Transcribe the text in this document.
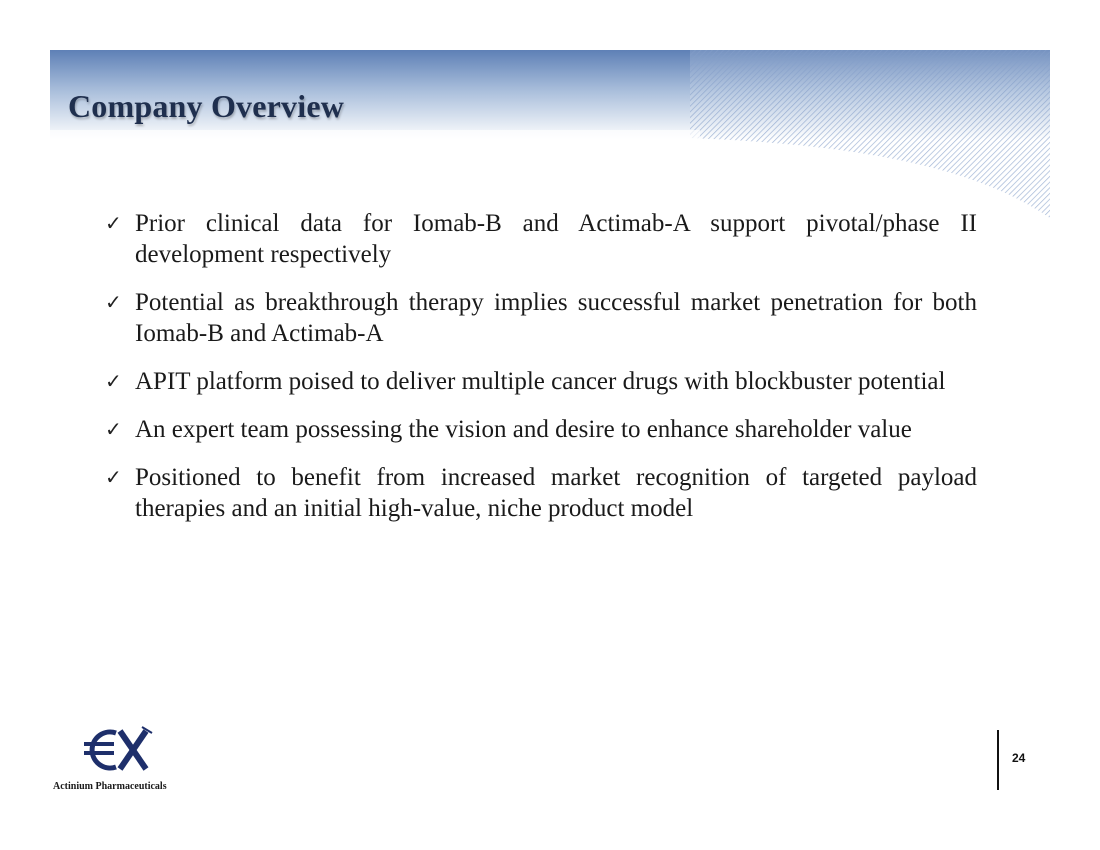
Company Overview
✓ Prior clinical data for Iomab-B and Actimab-A support pivotal/phase II development respectively
✓ Potential as breakthrough therapy implies successful market penetration for both Iomab-B and Actimab-A
✓ APIT platform poised to deliver multiple cancer drugs with blockbuster potential
✓ An expert team possessing the vision and desire to enhance shareholder value
✓ Positioned to benefit from increased market recognition of targeted payload therapies and an initial high-value, niche product model
Actinium Pharmaceuticals
24
